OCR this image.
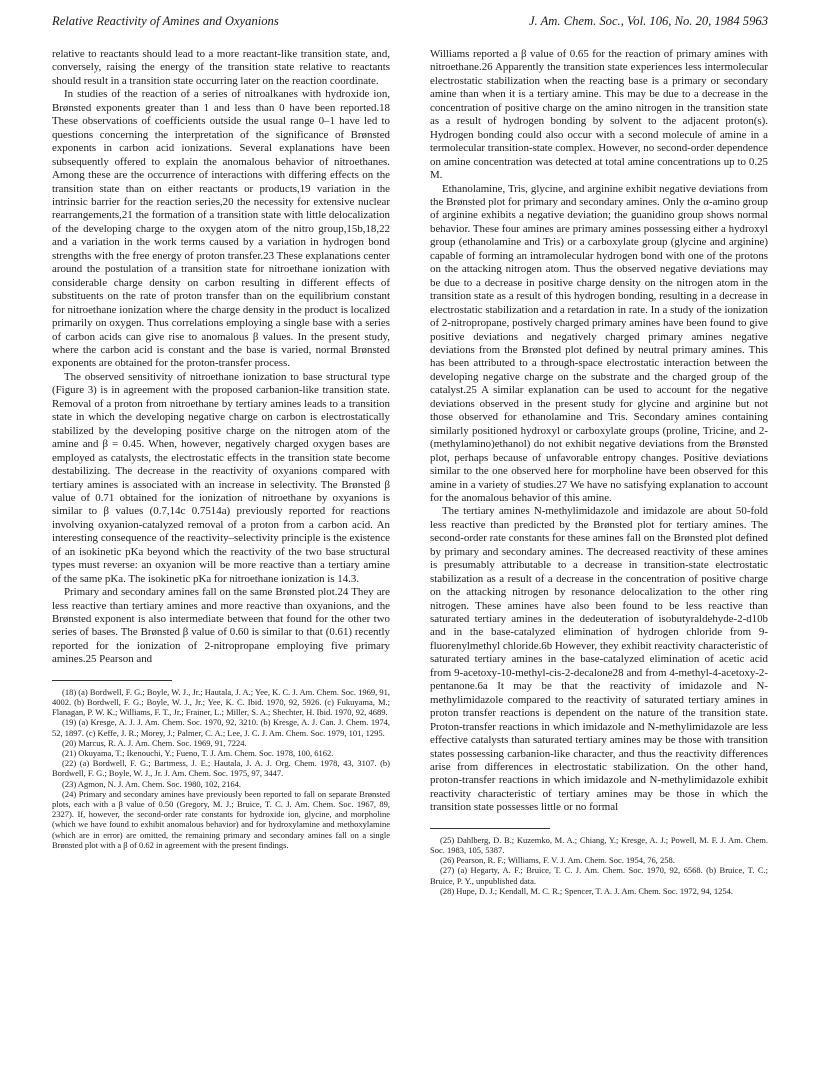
Relative Reactivity of Amines and Oxyanions	J. Am. Chem. Soc., Vol. 106, No. 20, 1984 5963

relative to reactants should lead to a more reactant-like transition state, and, conversely, raising the energy of the transition state relative to reactants should result in a transition state occurring later on the reaction coordinate.

In studies of the reaction of a series of nitroalkanes with hydroxide ion, Brønsted exponents greater than 1 and less than 0 have been reported.18 These observations of coefficients outside the usual range 0–1 have led to questions concerning the interpretation of the significance of Brønsted exponents in carbon acid ionizations. Several explanations have been subsequently offered to explain the anomalous behavior of nitroethanes. Among these are the occurrence of interactions with differing effects on the transition state than on either reactants or products,19 variation in the intrinsic barrier for the reaction series,20 the necessity for extensive nuclear rearrangements,21 the formation of a transition state with little delocalization of the developing charge to the oxygen atom of the nitro group,15b,18,22 and a variation in the work terms caused by a variation in hydrogen bond strengths with the free energy of proton transfer.23 These explanations center around the postulation of a transition state for nitroethane ionization with considerable charge density on carbon resulting in different effects of substituents on the rate of proton transfer than on the equilibrium constant for nitroethane ionization where the charge density in the product is localized primarily on oxygen. Thus correlations employing a single base with a series of carbon acids can give rise to anomalous β values. In the present study, where the carbon acid is constant and the base is varied, normal Brønsted exponents are obtained for the proton-transfer process.

The observed sensitivity of nitroethane ionization to base structural type (Figure 3) is in agreement with the proposed carbanion-like transition state. Removal of a proton from nitroethane by tertiary amines leads to a transition state in which the developing negative charge on carbon is electrostatically stabilized by the developing positive charge on the nitrogen atom of the amine and β = 0.45. When, however, negatively charged oxygen bases are employed as catalysts, the electrostatic effects in the transition state become destabilizing. The decrease in the reactivity of oxyanions compared with tertiary amines is associated with an increase in selectivity. The Brønsted β value of 0.71 obtained for the ionization of nitroethane by oxyanions is similar to β values (0.7,14c 0.7514a) previously reported for reactions involving oxyanion-catalyzed removal of a proton from a carbon acid. An interesting consequence of the reactivity–selectivity principle is the existence of an isokinetic pKa beyond which the reactivity of the two base structural types must reverse: an oxyanion will be more reactive than a tertiary amine of the same pKa. The isokinetic pKa for nitroethane ionization is 14.3.

Primary and secondary amines fall on the same Brønsted plot.24 They are less reactive than tertiary amines and more reactive than oxyanions, and the Brønsted exponent is also intermediate between that found for the other two series of bases. The Brønsted β value of 0.60 is similar to that (0.61) recently reported for the ionization of 2-nitropropane employing five primary amines.25 Pearson and

(18) (a) Bordwell, F. G.; Boyle, W. J., Jr.; Hautala, J. A.; Yee, K. C. J. Am. Chem. Soc. 1969, 91, 4002. (b) Bordwell, F. G.; Boyle, W. J., Jr.; Yee, K. C. Ibid. 1970, 92, 5926. (c) Fukuyama, M.; Flanagan, P. W. K.; Williams, F. T., Jr.; Frainer, L.; Miller, S. A.; Shechter, H. Ibid. 1970, 92, 4689.

(19) (a) Kresge, A. J. J. Am. Chem. Soc. 1970, 92, 3210. (b) Kresge, A. J. Can. J. Chem. 1974, 52, 1897. (c) Keffe, J. R.; Morey, J.; Palmer, C. A.; Lee, J. C. J. Am. Chem. Soc. 1979, 101, 1295.

(20) Marcus, R. A. J. Am. Chem. Soc. 1969, 91, 7224.

(21) Okuyama, T.; Ikenouchi, Y.; Fueno, T. J. Am. Chem. Soc. 1978, 100, 6162.

(22) (a) Bordwell, F. G.; Bartmess, J. E.; Hautala, J. A. J. Org. Chem. 1978, 43, 3107. (b) Bordwell, F. G.; Boyle, W. J., Jr. J. Am. Chem. Soc. 1975, 97, 3447.

(23) Agmon, N. J. Am. Chem. Soc. 1980, 102, 2164.

(24) Primary and secondary amines have previously been reported to fall on separate Brønsted plots, each with a β value of 0.50 (Gregory, M. J.; Bruice, T. C. J. Am. Chem. Soc. 1967, 89, 2327). If, however, the second-order rate constants for hydroxide ion, glycine, and morpholine (which we have found to exhibit anomalous behavior) and for hydroxylamine and methoxylamine (which are in error) are omitted, the remaining primary and secondary amines fall on a single Brønsted plot with a β of 0.62 in agreement with the present findings.

Williams reported a β value of 0.65 for the reaction of primary amines with nitroethane.26 Apparently the transition state experiences less intermolecular electrostatic stabilization when the reacting base is a primary or secondary amine than when it is a tertiary amine. This may be due to a decrease in the concentration of positive charge on the amino nitrogen in the transition state as a result of hydrogen bonding by solvent to the adjacent proton(s). Hydrogen bonding could also occur with a second molecule of amine in a termolecular transition-state complex. However, no second-order dependence on amine concentration was detected at total amine concentrations up to 0.25 M.

Ethanolamine, Tris, glycine, and arginine exhibit negative deviations from the Brønsted plot for primary and secondary amines. Only the α-amino group of arginine exhibits a negative deviation; the guanidino group shows normal behavior. These four amines are primary amines possessing either a hydroxyl group (ethanolamine and Tris) or a carboxylate group (glycine and arginine) capable of forming an intramolecular hydrogen bond with one of the protons on the attacking nitrogen atom. Thus the observed negative deviations may be due to a decrease in positive charge density on the nitrogen atom in the transition state as a result of this hydrogen bonding, resulting in a decrease in electrostatic stabilization and a retardation in rate. In a study of the ionization of 2-nitropropane, postively charged primary amines have been found to give positive deviations and negatively charged primary amines negative deviations from the Brønsted plot defined by neutral primary amines. This has been attributed to a through-space electrostatic interaction between the developing negative charge on the substrate and the charged group of the catalyst.25 A similar explanation can be used to account for the negative deviations observed in the present study for glycine and arginine but not those observed for ethanolamine and Tris. Secondary amines containing similarly positioned hydroxyl or carboxylate groups (proline, Tricine, and 2-(methylamino)ethanol) do not exhibit negative deviations from the Brønsted plot, perhaps because of unfavorable entropy changes. Positive deviations similar to the one observed here for morpholine have been observed for this amine in a variety of studies.27 We have no satisfying explanation to account for the anomalous behavior of this amine.

The tertiary amines N-methylimidazole and imidazole are about 50-fold less reactive than predicted by the Brønsted plot for tertiary amines. The second-order rate constants for these amines fall on the Brønsted plot defined by primary and secondary amines. The decreased reactivity of these amines is presumably attributable to a decrease in transition-state electrostatic stabilization as a result of a decrease in the concentration of positive charge on the attacking nitrogen by resonance delocalization to the other ring nitrogen. These amines have also been found to be less reactive than saturated tertiary amines in the dedeuteration of isobutyraldehyde-2-d10b and in the base-catalyzed elimination of hydrogen chloride from 9-fluorenylmethyl chloride.6b However, they exhibit reactivity characteristic of saturated tertiary amines in the base-catalyzed elimination of acetic acid from 9-acetoxy-10-methyl-cis-2-decalone28 and from 4-methyl-4-acetoxy-2-pentanone.6a It may be that the reactivity of imidazole and N-methylimidazole compared to the reactivity of saturated tertiary amines in proton transfer reactions is dependent on the nature of the transition state. Proton-transfer reactions in which imidazole and N-methylimidazole are less effective catalysts than saturated tertiary amines may be those with transition states possessing carbanion-like character, and thus the reactivity differences arise from differences in electrostatic stabilization. On the other hand, proton-transfer reactions in which imidazole and N-methylimidazole exhibit reactivity characteristic of tertiary amines may be those in which the transition state possesses little or no formal

(25) Dahlberg, D. B.; Kuzemko, M. A.; Chiang, Y.; Kresge, A. J.; Powell, M. F. J. Am. Chem. Soc. 1983, 105, 5387.

(26) Pearson, R. F.; Williams, F. V. J. Am. Chem. Soc. 1954, 76, 258.

(27) (a) Hegarty, A. F.; Bruice, T. C. J. Am. Chem. Soc. 1970, 92, 6568. (b) Bruice, T. C.; Bruice, P. Y., unpublished data.

(28) Hupe, D. J.; Kendall, M. C. R.; Spencer, T. A. J. Am. Chem. Soc. 1972, 94, 1254.
